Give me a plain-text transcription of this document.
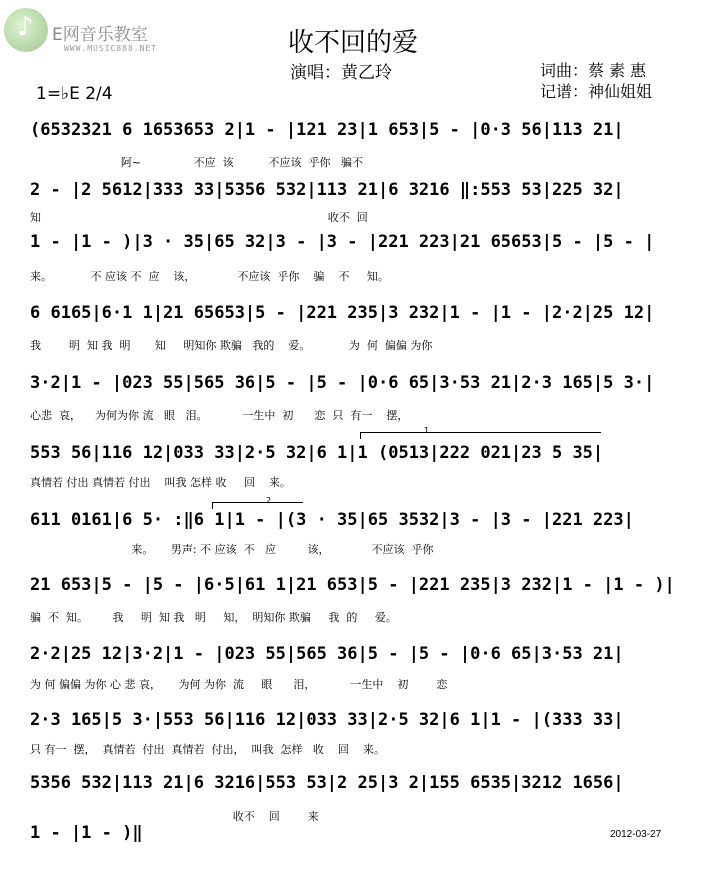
♪ E网音乐教室
WWW.MUSIC888.NET	收不回的爱
演唱：黄乙玲	词曲：蔡 素 惠
记谱：神仙姐姐
1=♭E 2/4
(6532321 6 1653653 2|1 - |121 23|1 653|5 - |0·3 56|113 21|
阿~               不应  该          不应该  乎你   骗不
2 - |2 5612|333 33|5356 532|113 21|6 3216 ‖:553 53|225 32|
知                                                                                  收不  回
1 - |1 - )|3 · 35|65 32|3 - |3 - |221 223|21 65653|5 - |5 - |
来。           不 应该 不  应    该，            不应该  乎你    骗    不     知。
6 6165|6·1 1|21 65653|5 - |221 235|3 232|1 - |1 - |2·2|25 12|
我        明  知 我  明       知     明知你 欺骗   我的    爱。           为  何  偏偏 为你
3·2|1 - |023 55|565 36|5 - |5 - |0·6 65|3·53 21|2·3 165|5 3·|
心悲  哀，    为何为你 流   眼   泪。          一生中  初      恋  只  有一    摆，
1
553 56|116 12|033 33|2·5 32|6 1|1 (0513|222 021|23 5 35|
真情若 付出 真情若 付出    叫我 怎样 收     回    来。
2
611 0161|6 5· :‖6 1|1 - |(3 · 35|65 3532|3 - |3 - |221 223|
来。     男声: 不 应该  不   应         该，            不应该  乎你
21 653|5 - |5 - |6·5|61 1|21 653|5 - |221 235|3 232|1 - |1 - )|
骗  不  知。       我     明  知 我   明     知，  明知你 欺骗     我  的     爱。
2·2|25 12|3·2|1 - |023 55|565 36|5 - |5 - |0·6 65|3·53 21|
为 何 偏偏 为你 心 悲 哀，     为何 为你  流     眼      泪，          一生中    初        恋
2·3 165|5 3·|553 56|116 12|033 33|2·5 32|6 1|1 - |(333 33|
只 有一  摆，  真情若  付出  真情若  付出，  叫我  怎样   收    回    来。
5356 532|113 21|6 3216|553 53|2 25|3 2|155 6535|3212 1656|
收不    回        来
1 - |1 - )‖	2012-03-27
